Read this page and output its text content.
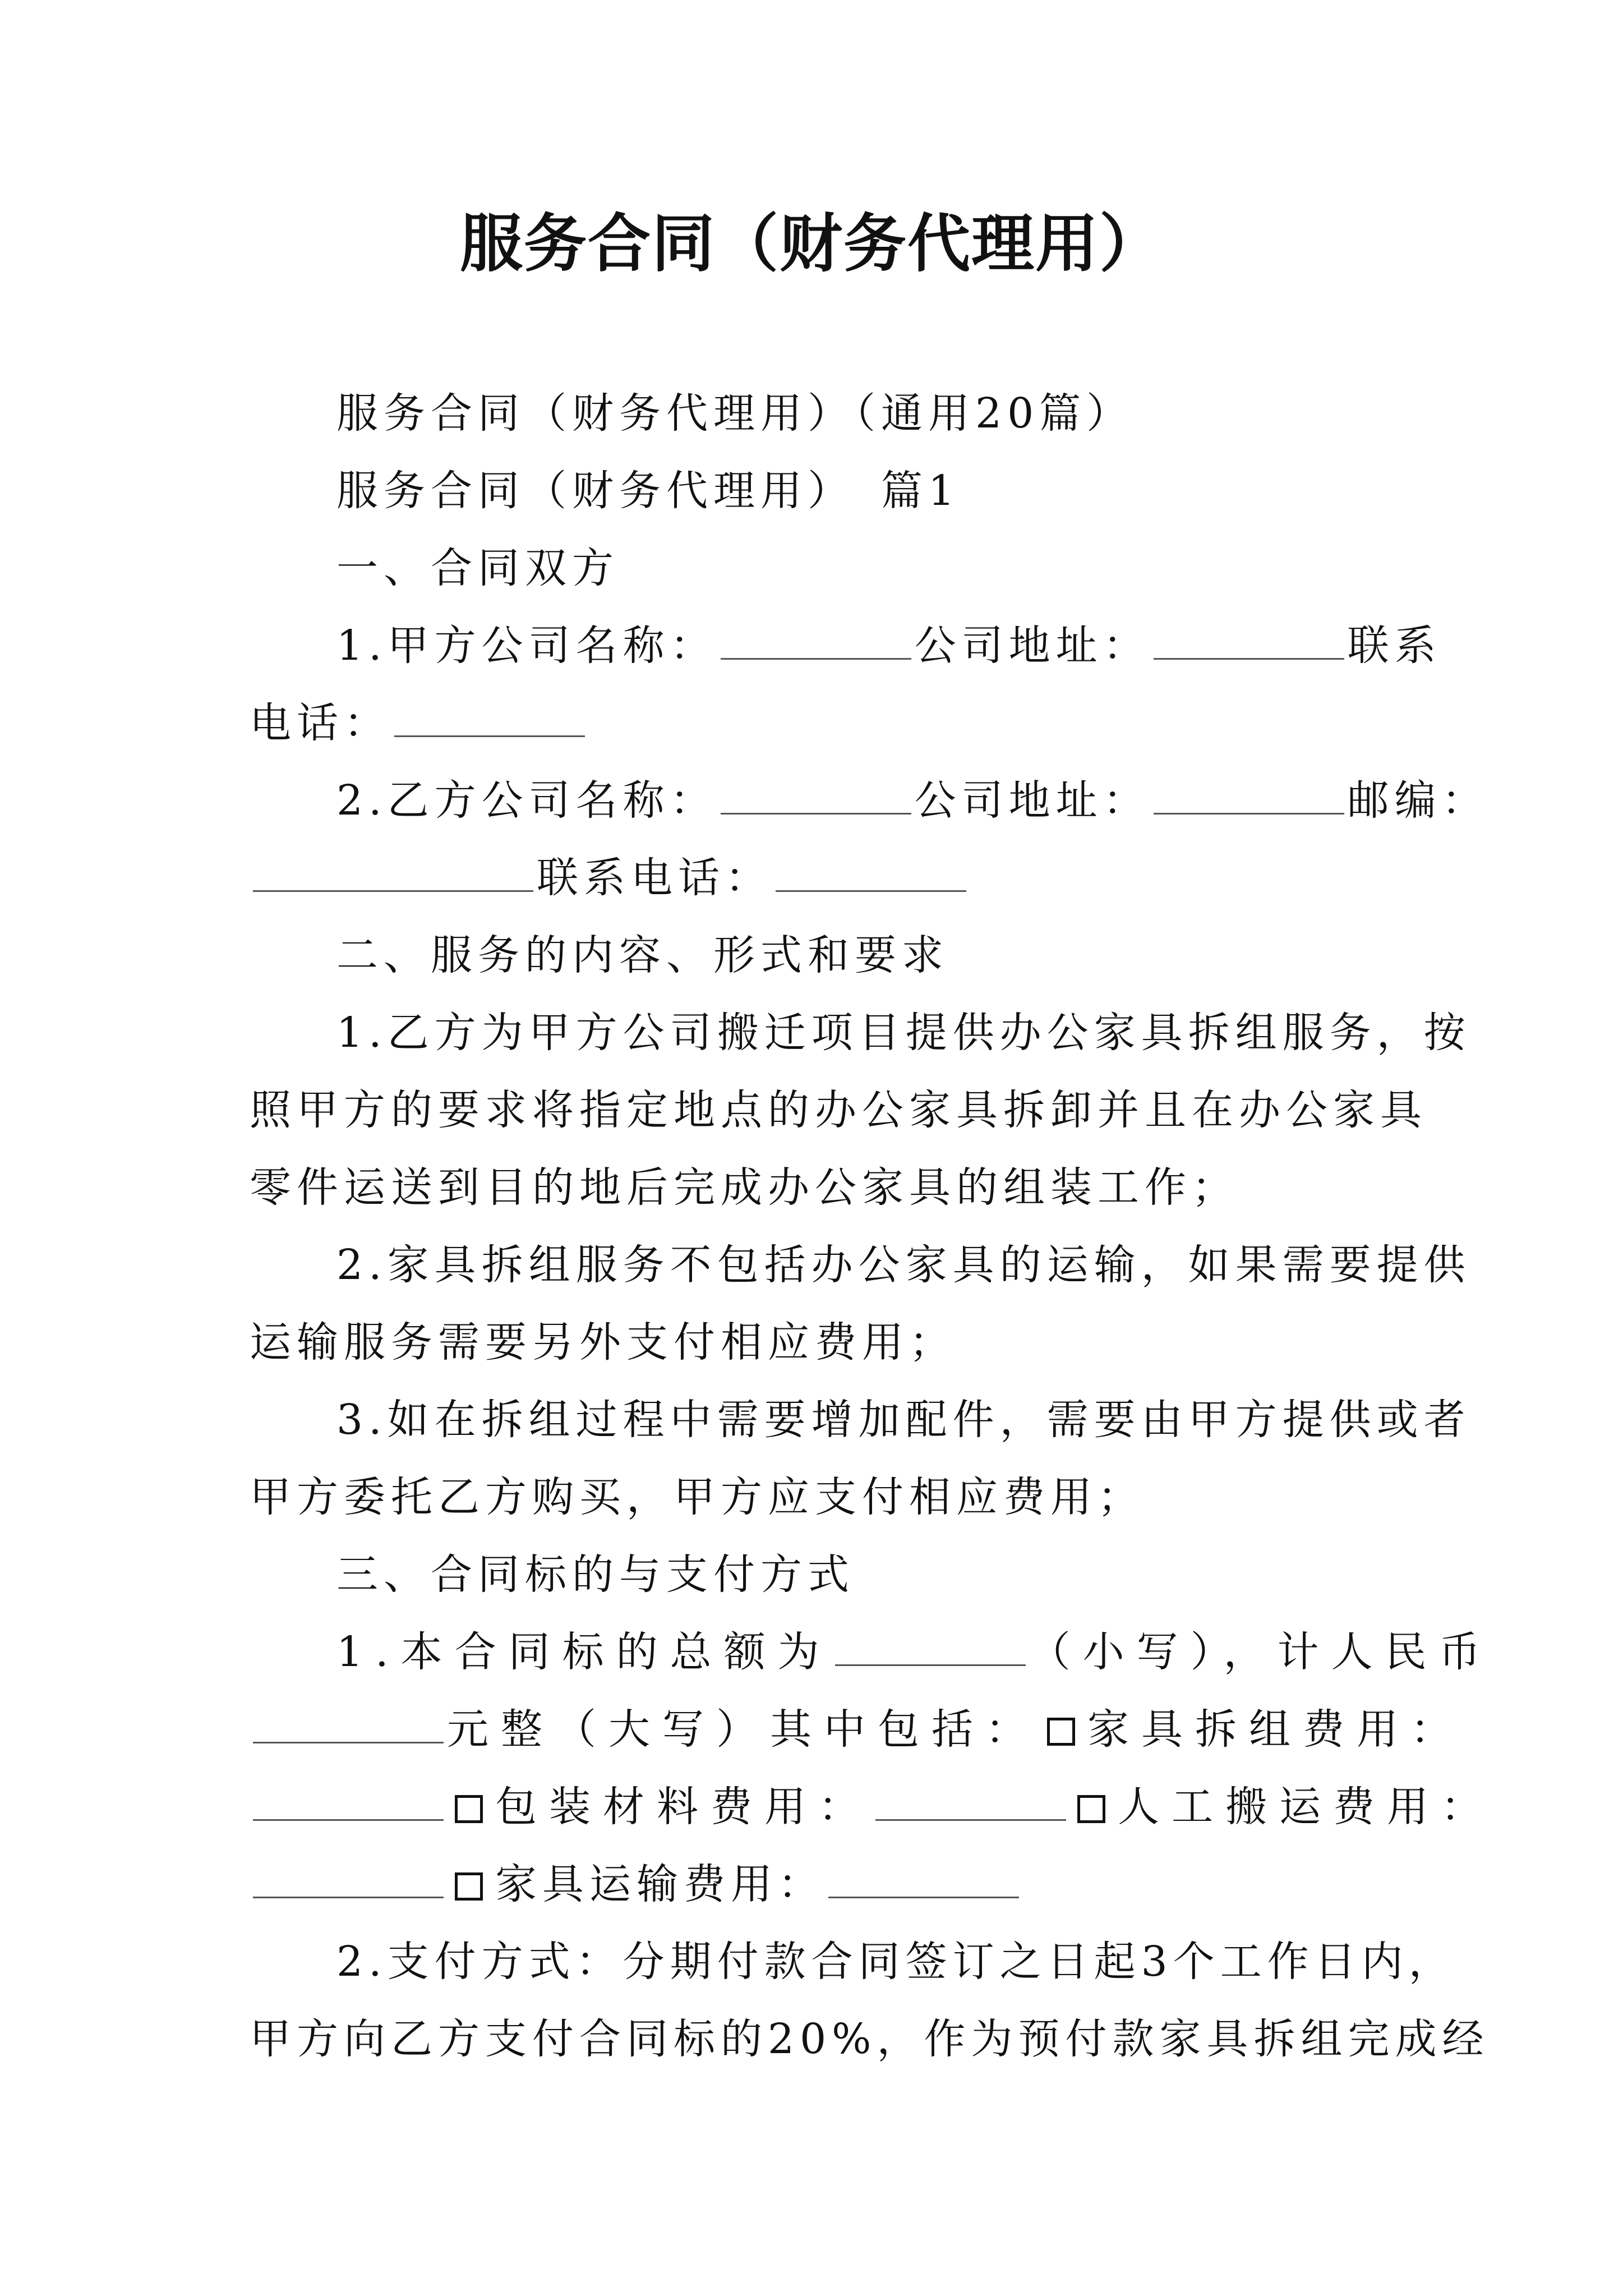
服务合同（财务代理用）
服务合同（财务代理用）（通用20篇）
服务合同（财务代理用）　篇1
一、合同双方
1.甲方公司名称：	公司地址：	联系
电话：
2.乙方公司名称：	公司地址：	邮编：
联系电话：
二、服务的内容、形式和要求
1.乙方为甲方公司搬迁项目提供办公家具拆组服务，按
照甲方的要求将指定地点的办公家具拆卸并且在办公家具
零件运送到目的地后完成办公家具的组装工作；
2.家具拆组服务不包括办公家具的运输，如果需要提供
运输服务需要另外支付相应费用；
3.如在拆组过程中需要增加配件，需要由甲方提供或者
甲方委托乙方购买，甲方应支付相应费用；
三、合同标的与支付方式
1.本合同标的总额为	（小写），计人民币
元整（大写）其中包括： 家具拆组费用：
包装材料费用：	人工搬运费用：
家具运输费用：
2.支付方式：分期付款合同签订之日起3个工作日内，
甲方向乙方支付合同标的20%，作为预付款家具拆组完成经
